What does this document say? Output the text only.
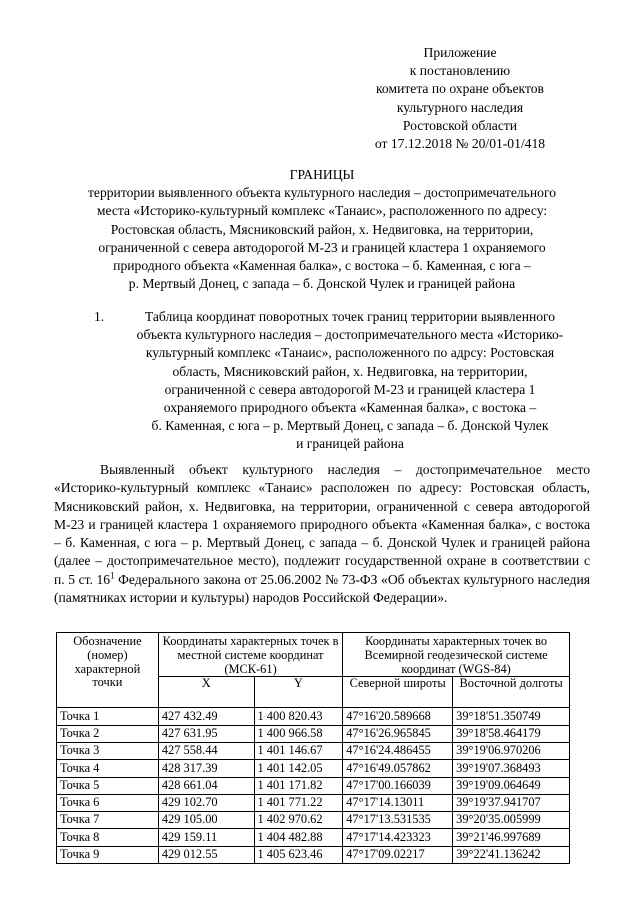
Приложение
к постановлению
комитета по охране объектов
культурного наследия
Ростовской области
от 17.12.2018 № 20/01-01/418
ГРАНИЦЫ
территории выявленного объекта культурного наследия – достопримечательного
места «Историко-культурный комплекс «Танаис», расположенного по адресу:
Ростовская область, Мясниковский район, х. Недвиговка, на территории,
ограниченной с севера автодорогой М-23 и границей кластера 1 охраняемого
природного объекта «Каменная балка», с востока – б. Каменная, с юга –
р. Мертвый Донец, с запада – б. Донской Чулек и границей района
1.	Таблица координат поворотных точек границ территории выявленного
объекта культурного наследия – достопримечательного места «Историко-
культурный комплекс «Танаис», расположенного по адрсу: Ростовская
область, Мясниковский район, х. Недвиговка, на территории,
ограниченной с севера автодорогой М-23 и границей кластера 1
охраняемого природного объекта «Каменная балка», с востока –
б. Каменная, с юга – р. Мертвый Донец, с запада – б. Донской Чулек
и границей района
Выявленный объект культурного наследия – достопримечательное место «Историко-культурный комплекс «Танаис» расположен по адресу: Ростовская область, Мясниковский район, х. Недвиговка, на территории, ограниченной с севера автодорогой М-23 и границей кластера 1 охраняемого природного объекта «Каменная балка», с востока – б. Каменная, с юга – р. Мертвый Донец, с запада – б. Донской Чулек и границей района (далее – достопримечательное место), подлежит государственной охране в соответствии с п. 5 ст. $16^1$ Федерального закона от 25.06.2002 № 73-ФЗ «Об объектах культурного наследия (памятниках истории и культуры) народов Российской Федерации».
Обозначение (номер) характерной точки	Координаты характерных точек в местной системе координат (МСК-61)		Координаты характерных точек во Всемирной геодезической системе координат (WGS-84)	
	X	Y	Северной широты	Восточной долготы
Точка 1	427 432.49	1 400 820.43	47°16'20.589668	39°18'51.350749
Точка 2	427 631.95	1 400 966.58	47°16'26.965845	39°18'58.464179
Точка 3	427 558.44	1 401 146.67	47°16'24.486455	39°19'06.970206
Точка 4	428 317.39	1 401 142.05	47°16'49.057862	39°19'07.368493
Точка 5	428 661.04	1 401 171.82	47°17'00.166039	39°19'09.064649
Точка 6	429 102.70	1 401 771.22	47°17'14.13011	39°19'37.941707
Точка 7	429 105.00	1 402 970.62	47°17'13.531535	39°20'35.005999
Точка 8	429 159.11	1 404 482.88	47°17'14.423323	39°21'46.997689
Точка 9	429 012.55	1 405 623.46	47°17'09.02217	39°22'41.136242
